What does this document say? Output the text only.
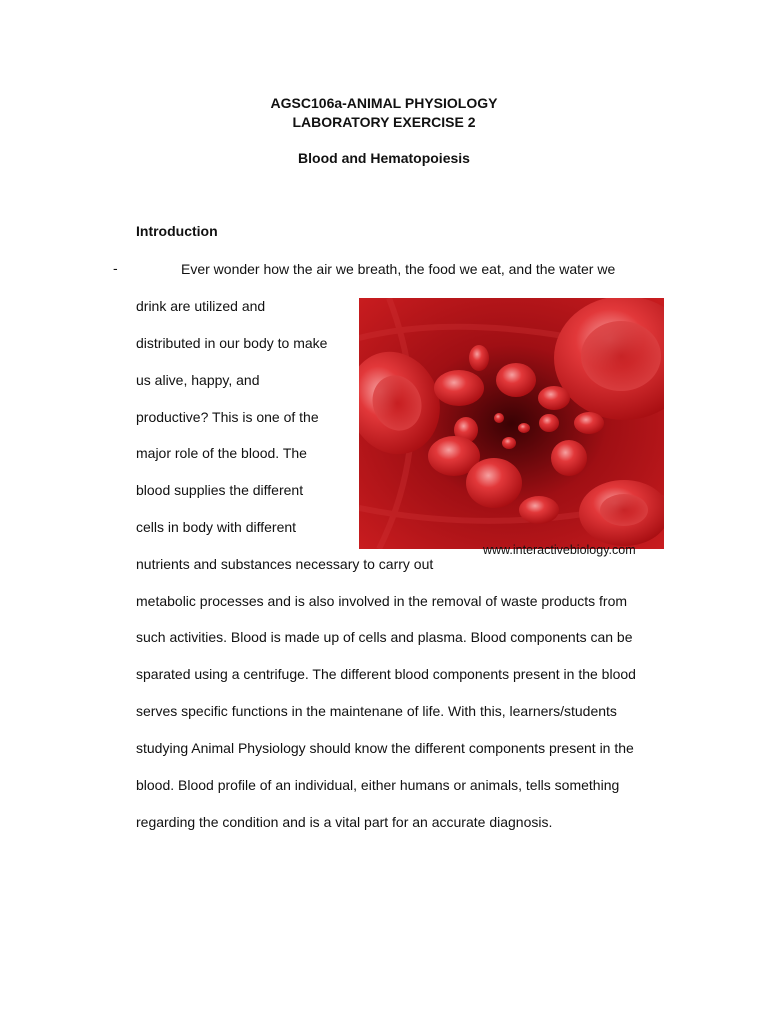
AGSC106a-ANIMAL PHYSIOLOGY
LABORATORY EXERCISE 2
Blood and Hematopoiesis
Introduction
-	Ever wonder how the air we breath, the food we eat, and the water we
drink are utilized and
distributed in our body to make
us alive, happy, and
productive? This is one of the
major role of the blood. The
blood supplies the different
cells in body with different
nutrients and substances necessary to carry out
metabolic processes and is also involved in the removal of waste products from
such activities. Blood is made up of cells and plasma. Blood components can be
sparated using a centrifuge. The different blood components present in the blood
serves specific functions in the maintenane of life. With this, learners/students
studying Animal Physiology should know the different components present in the
blood. Blood profile of an individual, either humans or animals, tells something
regarding the condition and is a vital part for an accurate diagnosis.
www.interactivebiology.com
